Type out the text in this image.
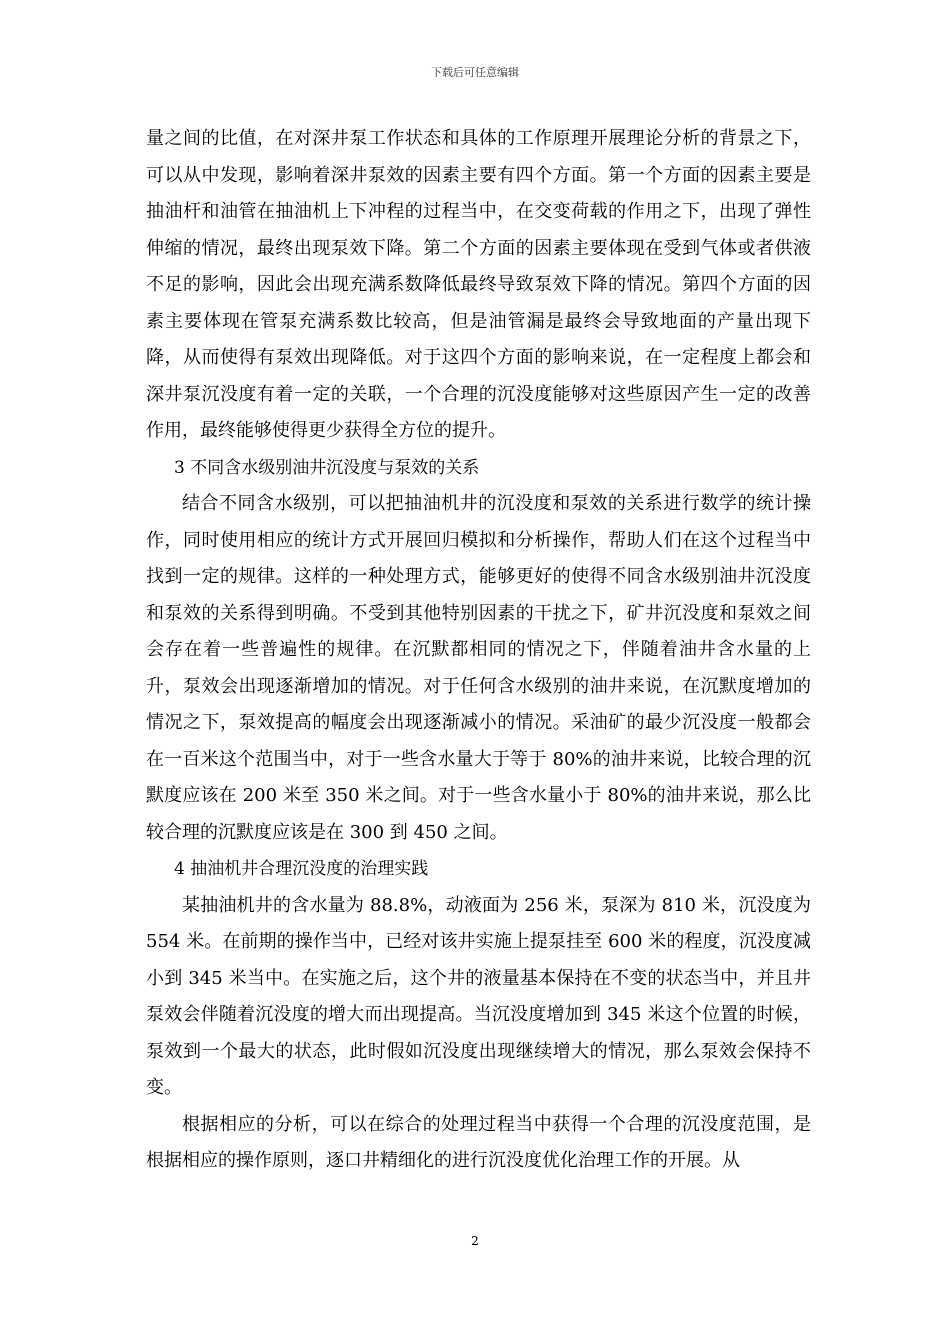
下载后可任意编辑

量之间的比值，在对深井泵工作状态和具体的工作原理开展理论分析的背景之下，可以从中发现，影响着深井泵效的因素主要有四个方面。第一个方面的因素主要是抽油杆和油管在抽油机上下冲程的过程当中，在交变荷载的作用之下，出现了弹性伸缩的情况，最终出现泵效下降。第二个方面的因素主要体现在受到气体或者供液不足的影响，因此会出现充满系数降低最终导致泵效下降的情况。第四个方面的因素主要体现在管泵充满系数比较高，但是油管漏是最终会导致地面的产量出现下降，从而使得有泵效出现降低。对于这四个方面的影响来说，在一定程度上都会和深井泵沉没度有着一定的关联，一个合理的沉没度能够对这些原因产生一定的改善作用，最终能够使得更少获得全方位的提升。

3 不同含水级别油井沉没度与泵效的关系

结合不同含水级别，可以把抽油机井的沉没度和泵效的关系进行数学的统计操作，同时使用相应的统计方式开展回归模拟和分析操作，帮助人们在这个过程当中找到一定的规律。这样的一种处理方式，能够更好的使得不同含水级别油井沉没度和泵效的关系得到明确。不受到其他特别因素的干扰之下，矿井沉没度和泵效之间会存在着一些普遍性的规律。在沉默都相同的情况之下，伴随着油井含水量的上升，泵效会出现逐渐增加的情况。对于任何含水级别的油井来说，在沉默度增加的情况之下，泵效提高的幅度会出现逐渐减小的情况。采油矿的最少沉没度一般都会在一百米这个范围当中，对于一些含水量大于等于 80%的油井来说，比较合理的沉默度应该在 200 米至 350 米之间。对于一些含水量小于 80%的油井来说，那么比较合理的沉默度应该是在 300 到 450 之间。

4 抽油机井合理沉没度的治理实践

某抽油机井的含水量为 88.8%，动液面为 256 米，泵深为 810 米，沉没度为 554 米。在前期的操作当中，已经对该井实施上提泵挂至 600 米的程度，沉没度减小到 345 米当中。在实施之后，这个井的液量基本保持在不变的状态当中，并且井泵效会伴随着沉没度的增大而出现提高。当沉没度增加到 345 米这个位置的时候，泵效到一个最大的状态，此时假如沉没度出现继续增大的情况，那么泵效会保持不变。

根据相应的分析，可以在综合的处理过程当中获得一个合理的沉没度范围，是根据相应的操作原则，逐口井精细化的进行沉没度优化治理工作的开展。从

2
